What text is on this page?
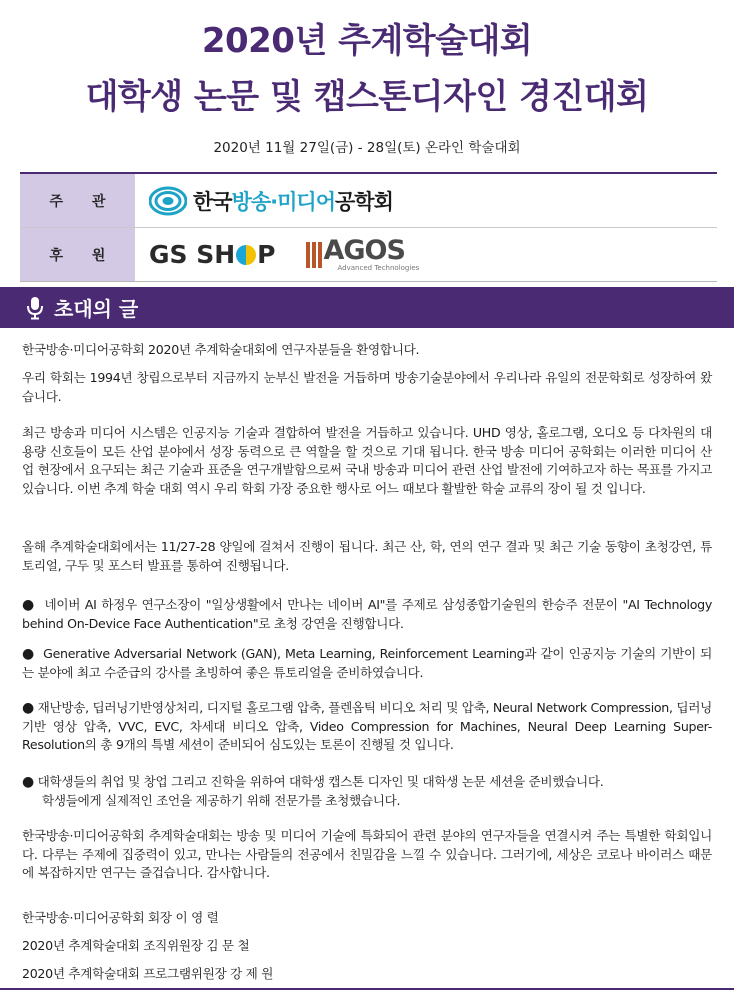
2020년 추계학술대회
대학생 논문 및 캡스톤디자인 경진대회
2020년 11월 27일(금) - 28일(토) 온라인 학술대회
주 관	한국방송·미디어공학회
후 원	GS SH P AGOS
Advanced Technologies
초대의 글
한국방송·미디어공학회 2020년 추계학술대회에 연구자분들을 환영합니다.
우리 학회는 1994년 창립으로부터 지금까지 눈부신 발전을 거듭하며 방송기술분야에서 우리나라 유일의 전문학회로 성장하여 왔습니다.
최근 방송과 미디어 시스템은 인공지능 기술과 결합하여 발전을 거듭하고 있습니다. UHD 영상, 홀로그램, 오디오 등 다차원의 대용량 신호들이 모든 산업 분야에서 성장 동력으로 큰 역할을 할 것으로 기대 됩니다. 한국 방송 미디어 공학회는 이러한 미디어 산업 현장에서 요구되는 최근 기술과 표준을 연구개발함으로써 국내 방송과 미디어 관련 산업 발전에 기여하고자 하는 목표를 가지고 있습니다. 이번 추계 학술 대회 역시 우리 학회 가장 중요한 행사로 어느 때보다 활발한 학술 교류의 장이 될 것 입니다.
올해 추계학술대회에서는 11/27-28 양일에 걸쳐서 진행이 됩니다. 최근 산, 학, 연의 연구 결과 및 최근 기술 동향이 초청강연, 튜토리얼, 구두 및 포스터 발표를 통하여 진행됩니다.
● 네이버 AI 하정우 연구소장이 "일상생활에서 만나는 네이버 AI"를 주제로 삼성종합기술원의 한승주 전문이 "AI Technology behind On-Device Face Authentication"로 초청 강연을 진행합니다.
● Generative Adversarial Network (GAN), Meta Learning, Reinforcement Learning과 같이 인공지능 기술의 기반이 되는 분야에 최고 수준급의 강사를 초빙하여 좋은 튜토리얼을 준비하였습니다.
● 재난방송, 딥러닝기반영상처리, 디지털 홀로그램 압축, 플렌옵틱 비디오 처리 및 압축, Neural Network Compression, 딥러닝 기반 영상 압축, VVC, EVC, 차세대 비디오 압축, Video Compression for Machines, Neural Deep Learning Super-Resolution의 총 9개의 특별 세션이 준비되어 심도있는 토론이 진행될 것 입니다.
● 대학생들의 취업 및 창업 그리고 진학을 위하여 대학생 캡스톤 디자인 및 대학생 논문 세션을 준비했습니다.
학생들에게 실제적인 조언을 제공하기 위해 전문가를 초청했습니다.
한국방송·미디어공학회 추계학술대회는 방송 및 미디어 기술에 특화되어 관련 분야의 연구자들을 연결시켜 주는 특별한 학회입니다. 다루는 주제에 집중력이 있고, 만나는 사람들의 전공에서 친밀감을 느낄 수 있습니다. 그러기에, 세상은 코로나 바이러스 때문에 복잡하지만 연구는 즐겁습니다. 감사합니다.
한국방송·미디어공학회 회장 이 영 렬
2020년 추계학술대회 조직위원장 김 문 철
2020년 추계학술대회 프로그램위원장 강 제 원
